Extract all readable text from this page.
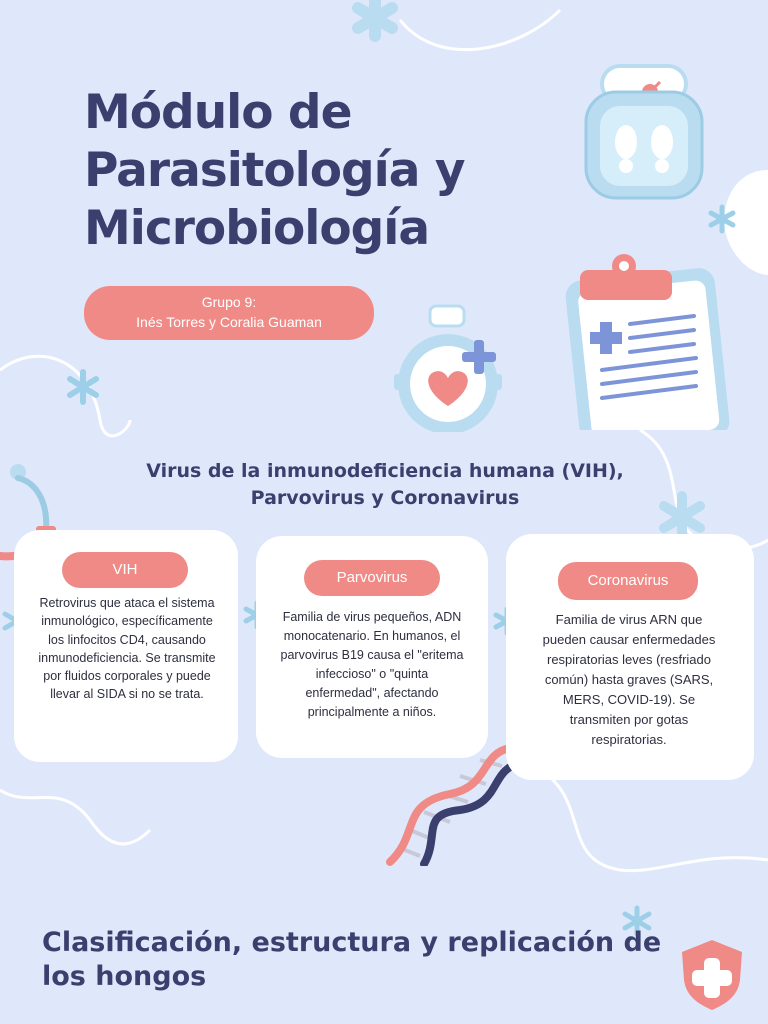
Módulo de Parasitología y Microbiología
Grupo 9:
Inés Torres y Coralia Guaman
Virus de la inmunodeficiencia humana (VIH), Parvovirus y Coronavirus
VIH
Retrovirus que ataca el sistema inmunológico, específicamente los linfocitos CD4, causando inmunodeficiencia. Se transmite por fluidos corporales y puede llevar al SIDA si no se trata.
Parvovirus
Familia de virus pequeños, ADN monocatenario. En humanos, el parvovirus B19 causa el "eritema infeccioso" o "quinta enfermedad", afectando principalmente a niños.
Coronavirus
Familia de virus ARN que pueden causar enfermedades respiratorias leves (resfriado común) hasta graves (SARS, MERS, COVID-19). Se transmiten por gotas respiratorias.
Clasificación, estructura y replicación de los hongos
